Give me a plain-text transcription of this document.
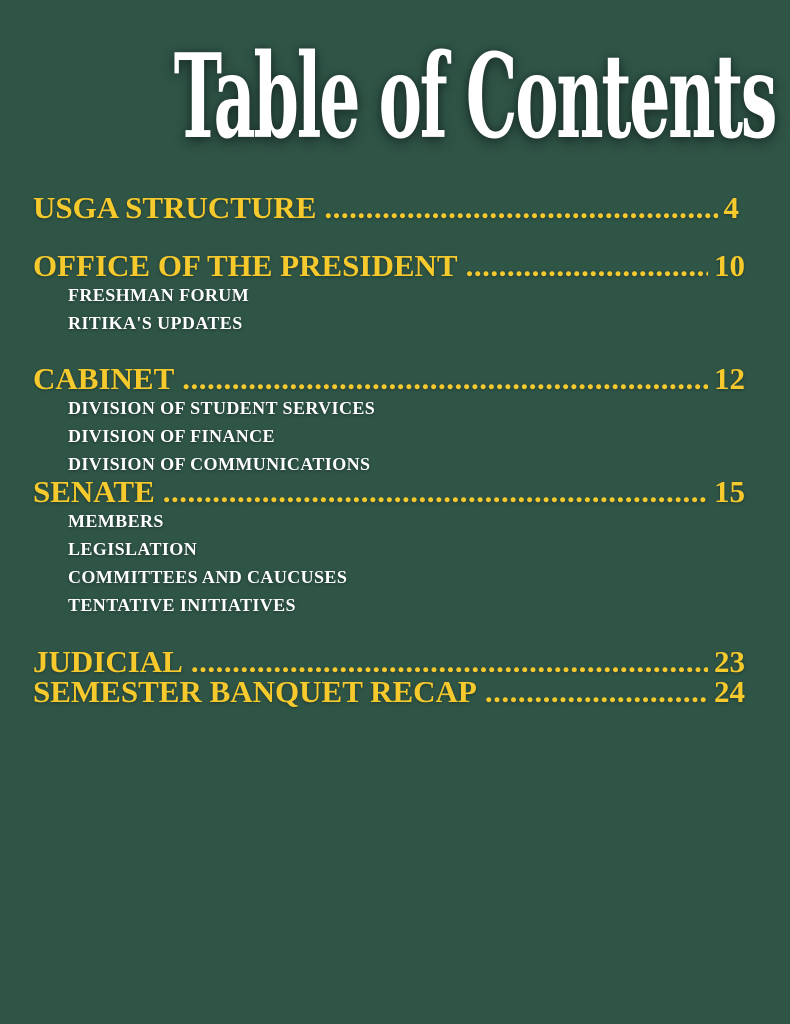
Table of Contents
USGA STRUCTURE .....	4
OFFICE OF THE PRESIDENT .....	10
FRESHMAN FORUM
RITIKA'S UPDATES
CABINET .....	12
DIVISION OF STUDENT SERVICES
DIVISION OF FINANCE
DIVISION OF COMMUNICATIONS
SENATE .....	15
MEMBERS
LEGISLATION
COMMITTEES AND CAUCUSES
TENTATIVE INITIATIVES
JUDICIAL .....	23
SEMESTER BANQUET RECAP .....	24
